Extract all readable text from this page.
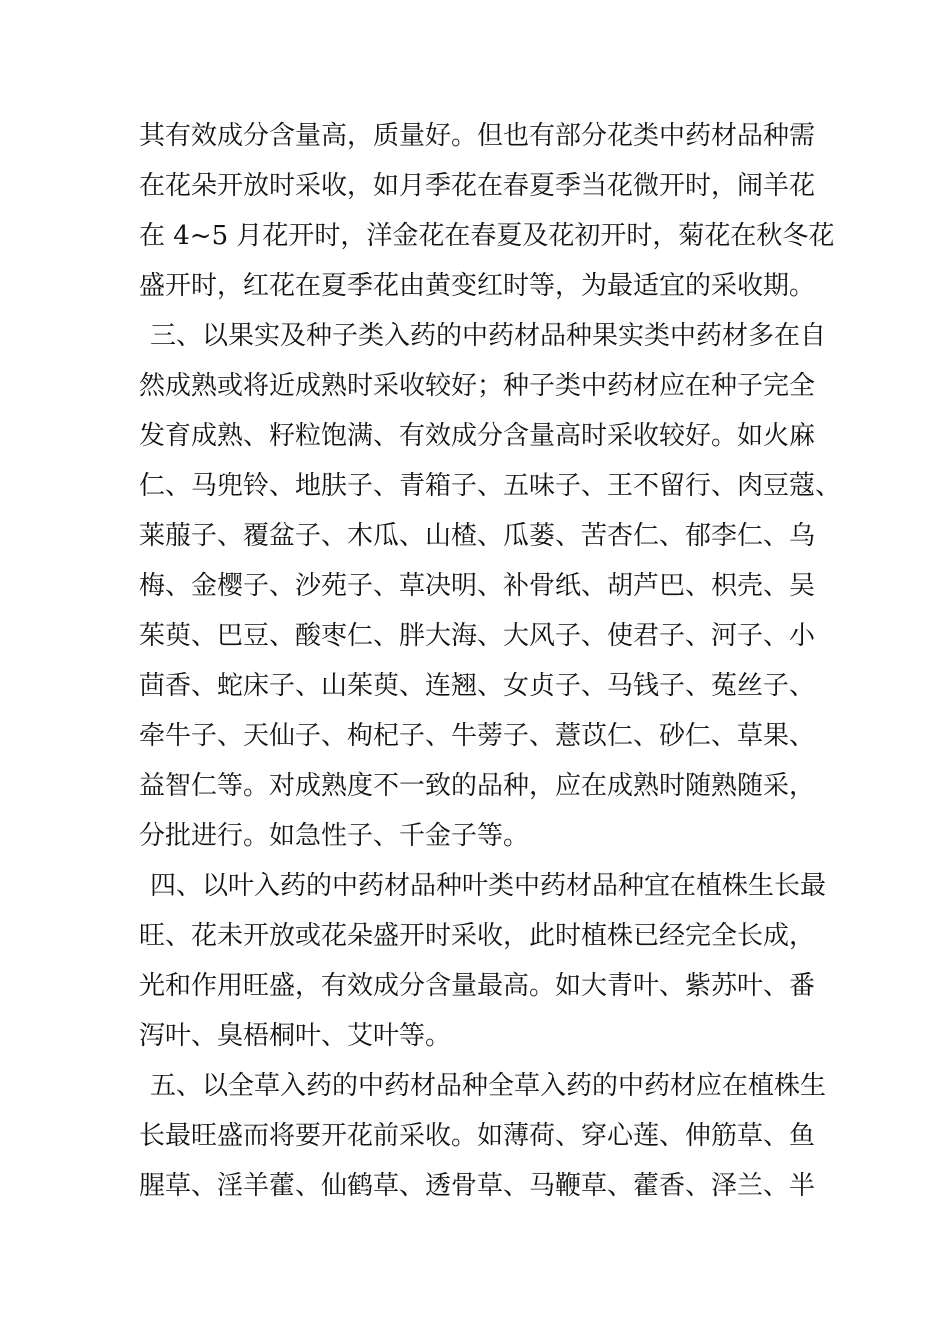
其有效成分含量高，质量好。但也有部分花类中药材品种需
在花朵开放时采收，如月季花在春夏季当花微开时，闹羊花
在 4~5 月花开时，洋金花在春夏及花初开时，菊花在秋冬花
盛开时，红花在夏季花由黄变红时等，为最适宜的采收期。
三、以果实及种子类入药的中药材品种果实类中药材多在自
然成熟或将近成熟时采收较好；种子类中药材应在种子完全
发育成熟、籽粒饱满、有效成分含量高时采收较好。如火麻
仁、马兜铃、地肤子、青箱子、五味子、王不留行、肉豆蔻、
莱菔子、覆盆子、木瓜、山楂、瓜蒌、苦杏仁、郁李仁、乌
梅、金樱子、沙苑子、草决明、补骨纸、胡芦巴、枳壳、吴
茱萸、巴豆、酸枣仁、胖大海、大风子、使君子、河子、小
茴香、蛇床子、山茱萸、连翘、女贞子、马钱子、菟丝子、
牵牛子、天仙子、枸杞子、牛蒡子、薏苡仁、砂仁、草果、
益智仁等。对成熟度不一致的品种，应在成熟时随熟随采，
分批进行。如急性子、千金子等。
四、以叶入药的中药材品种叶类中药材品种宜在植株生长最
旺、花未开放或花朵盛开时采收，此时植株已经完全长成，
光和作用旺盛，有效成分含量最高。如大青叶、紫苏叶、番
泻叶、臭梧桐叶、艾叶等。
五、以全草入药的中药材品种全草入药的中药材应在植株生
长最旺盛而将要开花前采收。如薄荷、穿心莲、伸筋草、鱼
腥草、淫羊藿、仙鹤草、透骨草、马鞭草、藿香、泽兰、半
